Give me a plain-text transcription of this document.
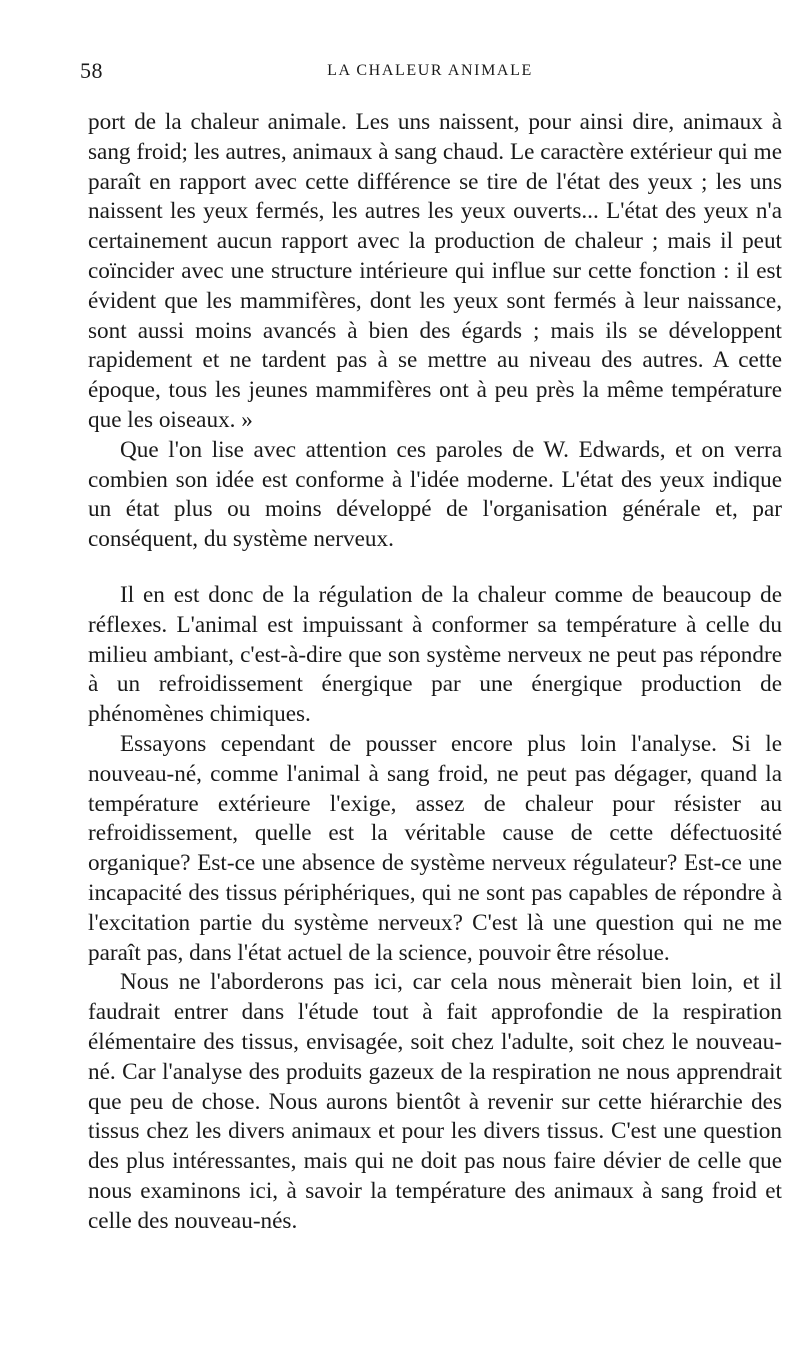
58	LA CHALEUR ANIMALE

port de la chaleur animale. Les uns naissent, pour ainsi dire, animaux à sang froid; les autres, animaux à sang chaud. Le caractère extérieur qui me paraît en rapport avec cette différence se tire de l'état des yeux ; les uns naissent les yeux fermés, les autres les yeux ouverts... L'état des yeux n'a certainement aucun rapport avec la production de chaleur ; mais il peut coïncider avec une structure intérieure qui influe sur cette fonction : il est évident que les mammifères, dont les yeux sont fermés à leur naissance, sont aussi moins avancés à bien des égards ; mais ils se développent rapidement et ne tardent pas à se mettre au niveau des autres. A cette époque, tous les jeunes mammifères ont à peu près la même température que les oiseaux. »

Que l'on lise avec attention ces paroles de W. Edwards, et on verra combien son idée est conforme à l'idée moderne. L'état des yeux indique un état plus ou moins développé de l'organisation générale et, par conséquent, du système nerveux.

Il en est donc de la régulation de la chaleur comme de beaucoup de réflexes. L'animal est impuissant à conformer sa température à celle du milieu ambiant, c'est-à-dire que son système nerveux ne peut pas répondre à un refroidissement énergique par une énergique production de phénomènes chimiques.

Essayons cependant de pousser encore plus loin l'analyse. Si le nouveau-né, comme l'animal à sang froid, ne peut pas dégager, quand la température extérieure l'exige, assez de chaleur pour résister au refroidissement, quelle est la véritable cause de cette défectuosité organique? Est-ce une absence de système nerveux régulateur? Est-ce une incapacité des tissus périphériques, qui ne sont pas capables de répondre à l'excitation partie du système nerveux? C'est là une question qui ne me paraît pas, dans l'état actuel de la science, pouvoir être résolue.

Nous ne l'aborderons pas ici, car cela nous mènerait bien loin, et il faudrait entrer dans l'étude tout à fait approfondie de la respiration élémentaire des tissus, envisagée, soit chez l'adulte, soit chez le nouveau-né. Car l'analyse des produits gazeux de la respiration ne nous apprendrait que peu de chose. Nous aurons bientôt à revenir sur cette hiérarchie des tissus chez les divers animaux et pour les divers tissus. C'est une question des plus intéressantes, mais qui ne doit pas nous faire dévier de celle que nous examinons ici, à savoir la température des animaux à sang froid et celle des nouveau-nés.
